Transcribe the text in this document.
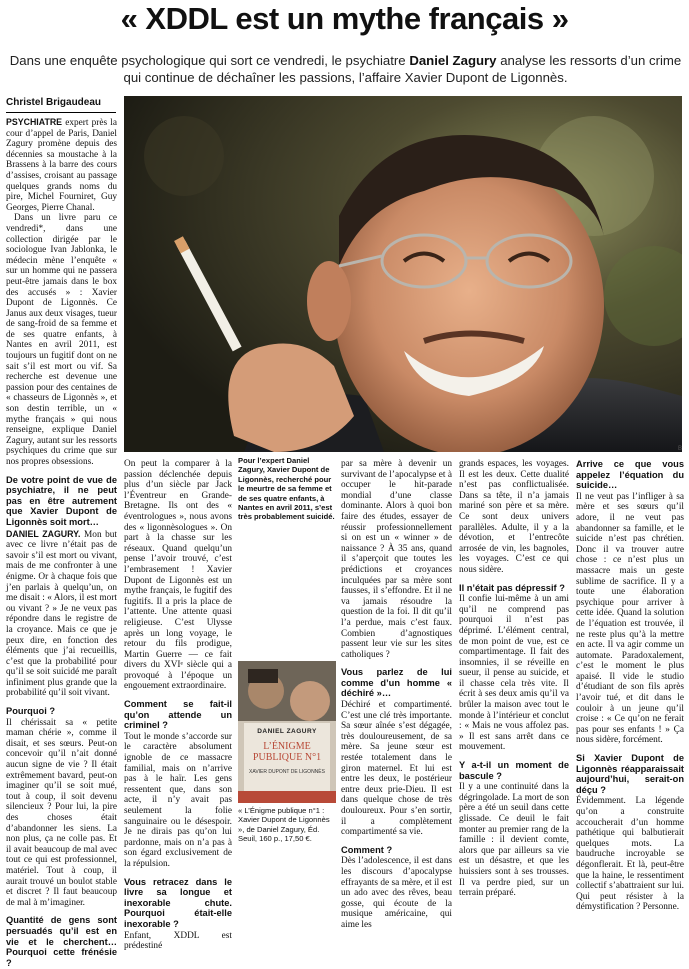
« XDDL est un mythe français »
Dans une enquête psychologique qui sort ce vendredi, le psychiatre Daniel Zagury analyse les ressorts d’un crime qui continue de déchaîner les passions, l’affaire Xavier Dupont de Ligonnès.
Christel Brigaudeau

PSYCHIATRE expert près la cour d’appel de Paris, Daniel Zagury promène depuis des décennies sa moustache à la Brassens à la barre des cours d’assises, croisant au passage quelques grands noms du pire, Michel Fourniret, Guy Georges, Pierre Chanal.

Dans un livre paru ce vendredi*, dans une collection dirigée par le sociologue Ivan Jablonka, le médecin mène l’enquête « sur un homme qui ne passera peut-être jamais dans le box des accusés » : Xavier Dupont de Ligonnès. Ce Janus aux deux visages, tueur de sang-froid de sa femme et de ses quatre enfants, à Nantes en avril 2011, est toujours un fugitif dont on ne sait s’il est mort ou vif. Sa recherche est devenue une passion pour des centaines de « chasseurs de Ligonnès », et son destin terrible, un « mythe français » qui nous renseigne, explique Daniel Zagury, autant sur les ressorts psychiques du crime que sur nos propres obsessions.

De votre point de vue de psychiatre, il ne peut pas en être autrement que Xavier Dupont de Ligonnès soit mort…

DANIEL ZAGURY. Mon but avec ce livre n’était pas de savoir s’il est mort ou vivant, mais de me confronter à une énigme. Or à chaque fois que j’en parlais à quelqu’un, on me disait : « Alors, il est mort ou vivant ? » Je ne veux pas répondre dans le registre de la croyance. Mais ce que je peux dire, en fonction des éléments que j’ai recueillis, c’est que la probabilité pour qu’il se soit suicidé me paraît infiniment plus grande que la probabilité qu’il soit vivant.

Pourquoi ?

Il chérissait sa « petite maman chérie », comme il disait, et ses sœurs. Peut-on concevoir qu’il n’ait donné aucun signe de vie ? Il était extrêmement bavard, peut-on imaginer qu’il se soit mué, tout à coup, il soit devenu silencieux ? Pour lui, la pire des choses était d’abandonner les siens. La non plus, ça ne colle pas. Et il avait beaucoup de mal avec tout ce qui est professionnel, matériel. Tout à coup, il aurait trouvé un boulot stable et discret ? Il faut beaucoup de mal à m’imaginer.

Quantité de gens sont persuadés qu’il est en vie et le cherchent… Pourquoi cette frénésie ?
B
Pour l’expert Daniel Zagury, Xavier Dupont de Ligonnès, recherché pour le meurtre de sa femme et de ses quatre enfants, à Nantes en avril 2011, s’est très probablement suicidé.

On peut la comparer à la passion déclenchée depuis plus d’un siècle par Jack l’Éventreur en Grande-Bretagne. Ils ont des « éventrologues », nous avons des « ligonnèsologues ». On part à la chasse sur les réseaux. Quand quelqu’un pense l’avoir trouvé, c’est l’embrasement ! Xavier Dupont de Ligonnès est un mythe français, le fugitif des fugitifs. Il a pris la place de l’attente. Une attente quasi religieuse. C’est Ulysse après un long voyage, le retour du fils prodigue, Martin Guerre — ce fait divers du XVIᵉ siècle qui a provoqué à l’époque un engouement extraordinaire.

Comment se fait-il qu’on attende un criminel ?

Tout le monde s’accorde sur le caractère absolument ignoble de ce massacre familial, mais on n’arrive pas à le haïr. Les gens ressentent que, dans son acte, il n’y avait pas seulement la folie sanguinaire ou le désespoir. Je ne dirais pas qu’on lui pardonne, mais on n’a pas à son égard exclusivement de la répulsion.

Vous retracez dans le livre sa longue et inexorable chute. Pourquoi était-elle inexorable ?

Enfant, XDDL est prédestiné

DANIEL ZAGURY
L’ÉNIGME PUBLIQUE N°1
XAVIER DUPONT DE LIGONNÈS
« L’Énigme publique n°1 : Xavier Dupont de Ligonnès », de Daniel Zagury, Éd. Seuil, 160 p., 17,50 €.

par sa mère à devenir un survivant de l’apocalypse et à occuper le hit-parade mondial d’une classe dominante. Alors à quoi bon faire des études, essayer de réussir professionnellement si on est un « winner » de naissance ? À 35 ans, quand il s’aperçoit que toutes les prédictions et croyances inculquées par sa mère sont fausses, il s’effondre. Et il ne va jamais résoudre la question de la foi. Il dit qu’il l’a perdue, mais c’est faux. Combien d’agnostiques passent leur vie sur les sites catholiques ?

Vous parlez de lui comme d’un homme « déchiré »…

Déchiré et compartimenté. C’est une clé très importante. Sa sœur aînée s’est dégagée, très douloureusement, de sa mère. Sa jeune sœur est restée totalement dans le giron maternel. Et lui est entre les deux, le postérieur entre deux prie-Dieu. Il est dans quelque chose de très douloureux. Pour s’en sortir, il a complètement compartimenté sa vie.

Comment ?

Dès l’adolescence, il est dans les discours d’apocalypse effrayants de sa mère, et il est un ado avec des rêves, beau gosse, qui écoute de la musique américaine, qui aime les

grands espaces, les voyages. Il est les deux. Cette dualité n’est pas conflictualisée. Dans sa tête, il n’a jamais mariné son père et sa mère. Ce sont deux univers parallèles. Adulte, il y a la dévotion, et l’entrecôte arrosée de vin, les bagnoles, les voyages. C’est ce qui nous sidère.

Il n’était pas dépressif ?

Il confie lui-même à un ami qu’il ne comprend pas pourquoi il n’est pas déprimé. L’élément central, de mon point de vue, est ce compartimentage. Il fait des insomnies, il se réveille en sueur, il pense au suicide, et il chasse cela très vite. Il écrit à ses deux amis qu’il va brûler la maison avec tout le monde à l’intérieur et conclut : « Mais ne vous affolez pas. » Il est sans arrêt dans ce mouvement.

Y a-t-il un moment de bascule ?

Il y a une continuité dans la dégringolade. La mort de son père a été un seuil dans cette glissade. Ce deuil le fait monter au premier rang de la famille : il devient comte, alors que par ailleurs sa vie est un désastre, et que les huissiers sont à ses trousses. Il va perdre pied, sur un terrain préparé.

Arrive ce que vous appelez l’équation du suicide…

Il ne veut pas l’infliger à sa mère et ses sœurs qu’il adore, il ne veut pas abandonner sa famille, et le suicide n’est pas chrétien. Donc il va trouver autre chose : ce n’est plus un massacre mais un geste sublime de sacrifice. Il y a toute une élaboration psychique pour arriver à cette idée. Quand la solution de l’équation est trouvée, il ne reste plus qu’à la mettre en acte. Il va agir comme un automate. Paradoxalement, c’est le moment le plus apaisé. Il vide le studio d’étudiant de son fils après l’avoir tué, et dit dans le couloir à un jeune qu’il croise : « Ce qu’on ne ferait pas pour ses enfants ! » Ça nous sidère, forcément.

Si Xavier Dupont de Ligonnès réapparaissait aujourd’hui, serait-on déçu ?

Évidemment. La légende qu’on a construite accoucherait d’un homme pathétique qui balbutierait quelques mots. La baudruche incroyable se dégonflerait. Et là, peut-être que la haine, le ressentiment collectif s’abattraient sur lui. Qui peut résister à la démystification ? Personne.
